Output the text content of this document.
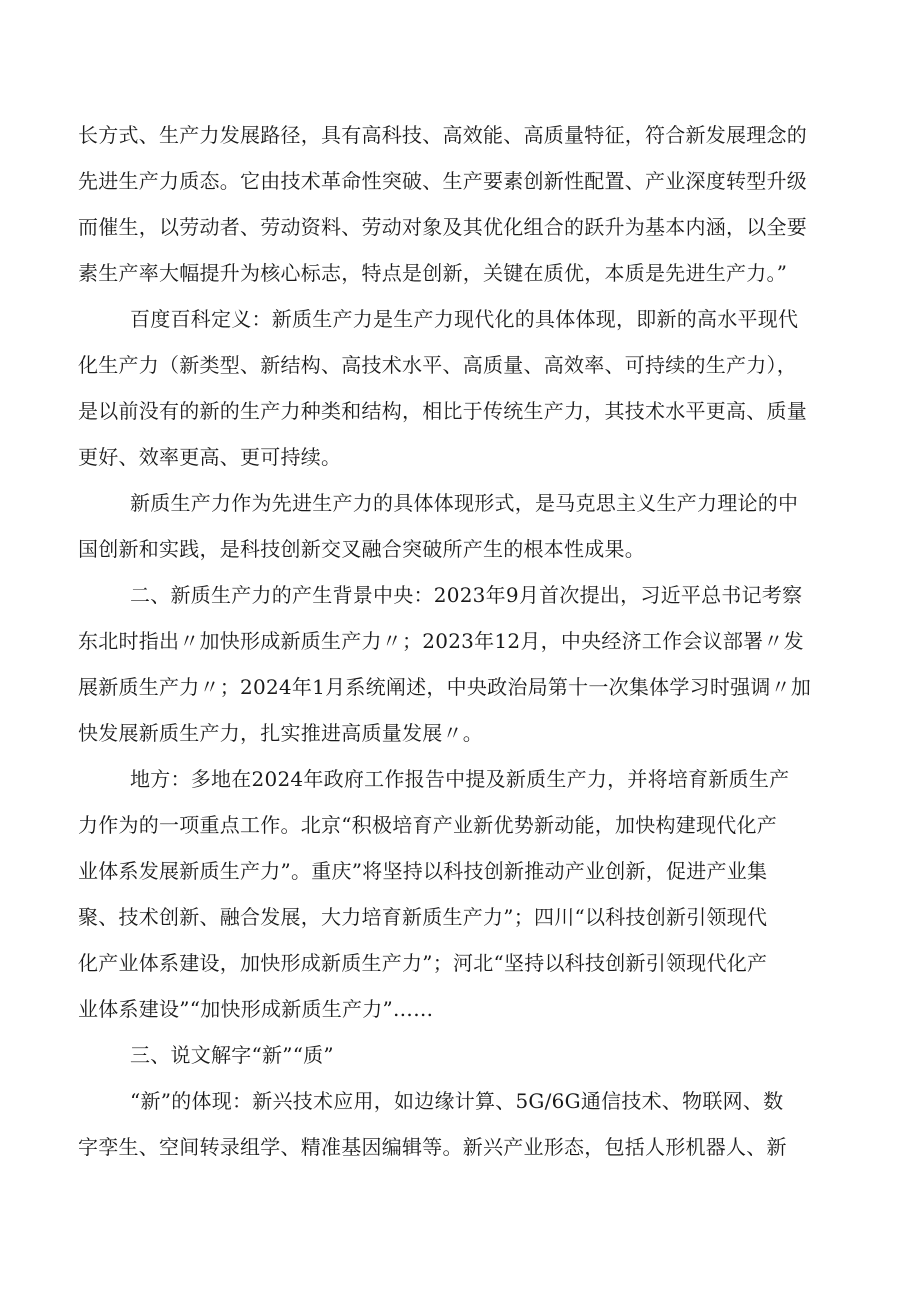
长方式、生产力发展路径，具有高科技、高效能、高质量特征，符合新发展理念的
先进生产力质态。它由技术革命性突破、生产要素创新性配置、产业深度转型升级
而催生，以劳动者、劳动资料、劳动对象及其优化组合的跃升为基本内涵，以全要
素生产率大幅提升为核心标志，特点是创新，关键在质优，本质是先进生产力。”
百度百科定义：新质生产力是生产力现代化的具体体现，即新的高水平现代
化生产力（新类型、新结构、高技术水平、高质量、高效率、可持续的生产力），
是以前没有的新的生产力种类和结构，相比于传统生产力，其技术水平更高、质量
更好、效率更高、更可持续。
新质生产力作为先进生产力的具体体现形式，是马克思主义生产力理论的中
国创新和实践，是科技创新交叉融合突破所产生的根本性成果。
二、新质生产力的产生背景中央：2023年9月首次提出，习近平总书记考察
东北时指出〃加快形成新质生产力〃；2023年12月，中央经济工作会议部署〃发
展新质生产力〃；2024年1月系统阐述，中央政治局第十一次集体学习时强调〃加
快发展新质生产力，扎实推进高质量发展〃。
地方：多地在2024年政府工作报告中提及新质生产力，并将培育新质生产
力作为的一项重点工作。北京“积极培育产业新优势新动能，加快构建现代化产
业体系发展新质生产力”。重庆”将坚持以科技创新推动产业创新，促进产业集
聚、技术创新、融合发展，大力培育新质生产力”；四川“以科技创新引领现代
化产业体系建设，加快形成新质生产力”；河北“坚持以科技创新引领现代化产
业体系建设”“加快形成新质生产力”……
三、说文解字“新”“质”
“新”的体现：新兴技术应用，如边缘计算、5G/6G通信技术、物联网、数
字孪生、空间转录组学、精准基因编辑等。新兴产业形态，包括人形机器人、新
